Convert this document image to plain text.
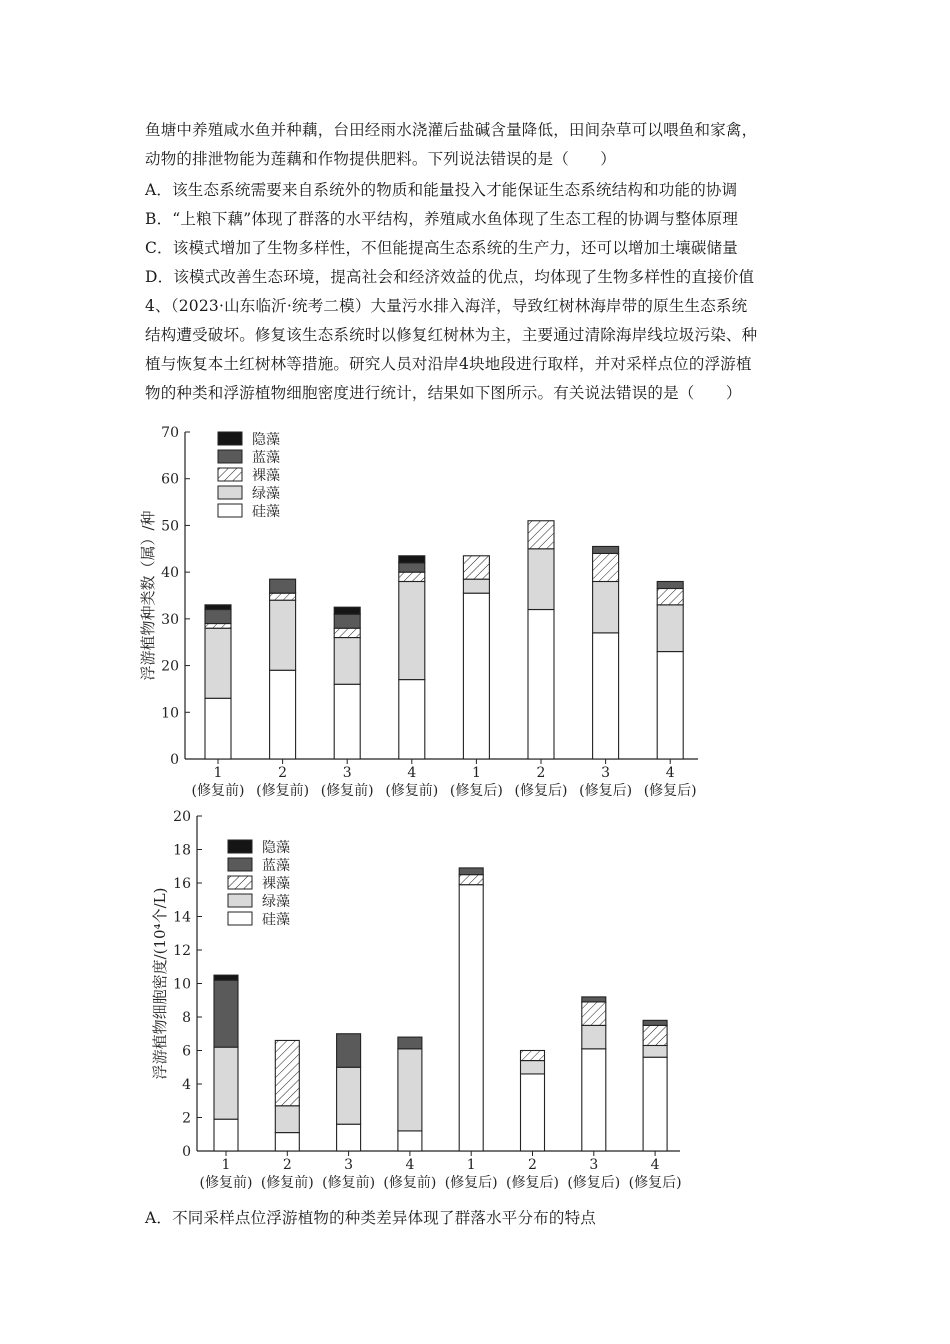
鱼塘中养殖咸水鱼并种藕，台田经雨水浇灌后盐碱含量降低，田间杂草可以喂鱼和家禽，
动物的排泄物能为莲藕和作物提供肥料。下列说法错误的是（　　）
A．该生态系统需要来自系统外的物质和能量投入才能保证生态系统结构和功能的协调
B．“上粮下藕”体现了群落的水平结构，养殖咸水鱼体现了生态工程的协调与整体原理
C．该模式增加了生物多样性，不但能提高生态系统的生产力，还可以增加土壤碳储量
D．该模式改善生态环境，提高社会和经济效益的优点，均体现了生物多样性的直接价值
4、（2023·山东临沂·统考二模）大量污水排入海洋，导致红树林海岸带的原生生态系统
结构遭受破坏。修复该生态系统时以修复红树林为主，主要通过清除海岸线垃圾污染、种
植与恢复本土红树林等措施。研究人员对沿岸4块地段进行取样，并对采样点位的浮游植
物的种类和浮游植物细胞密度进行统计，结果如下图所示。有关说法错误的是（　　）
0
10
20
30
40
50
60
70
浮游植物种类数（属）/种
1
(修复前)
2
(修复前)
3
(修复前)
4
(修复前)
1
(修复后)
2
(修复后)
3
(修复后)
4
(修复后)
隐藻
蓝藻
裸藻
绿藻
硅藻
0
2
4
6
8
10
12
14
16
18
20
浮游植物细胞密度/(10⁴个/L)
1
(修复前)
2
(修复前)
3
(修复前)
4
(修复前)
1
(修复后)
2
(修复后)
3
(修复后)
4
(修复后)
隐藻
蓝藻
裸藻
绿藻
硅藻
A．不同采样点位浮游植物的种类差异体现了群落水平分布的特点
